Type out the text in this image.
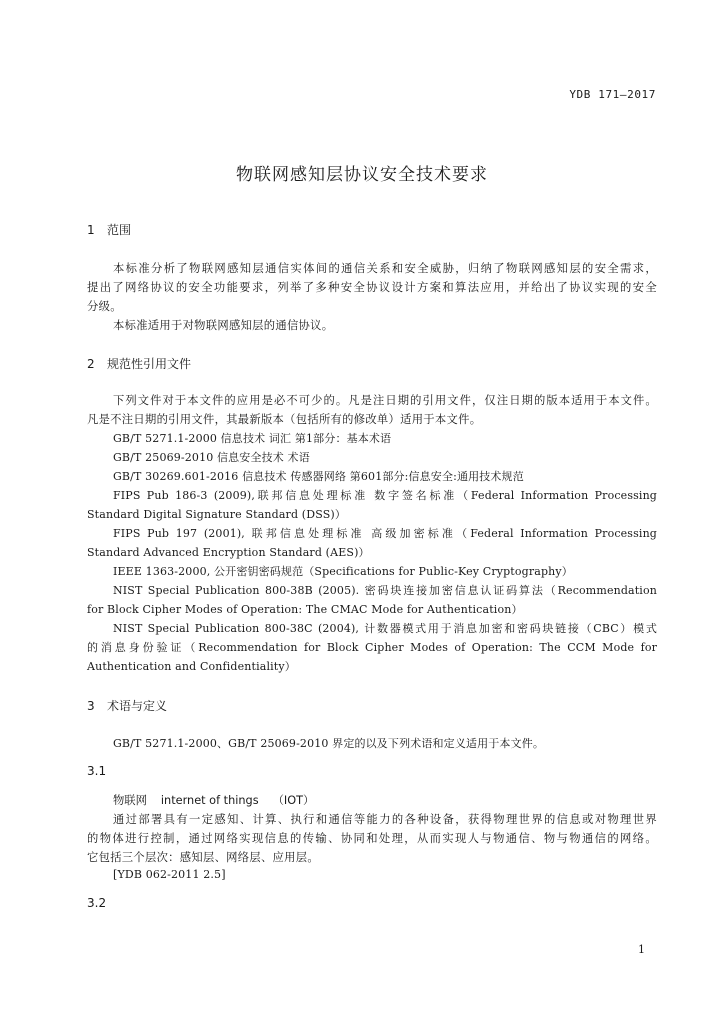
YDB 171—2017
物联网感知层协议安全技术要求
1 范围
本标准分析了物联网感知层通信实体间的通信关系和安全威胁，归纳了物联网感知层的安全需求，
提出了网络协议的安全功能要求，列举了多种安全协议设计方案和算法应用，并给出了协议实现的安全
分级。
本标准适用于对物联网感知层的通信协议。
2 规范性引用文件
下列文件对于本文件的应用是必不可少的。凡是注日期的引用文件，仅注日期的版本适用于本文件。
凡是不注日期的引用文件，其最新版本（包括所有的修改单）适用于本文件。
GB/T 5271.1-2000 信息技术 词汇 第1部分：基本术语
GB/T 25069-2010 信息安全技术 术语
GB/T 30269.601-2016 信息技术 传感器网络 第601部分:信息安全:通用技术规范
FIPS Pub 186-3 (2009),联邦信息处理标准 数字签名标准（Federal Information Processing
Standard Digital Signature Standard (DSS)）
FIPS Pub 197 (2001), 联邦信息处理标准 高级加密标准（Federal Information Processing
Standard Advanced Encryption Standard (AES)）
IEEE 1363-2000, 公开密钥密码规范（Specifications for Public-Key Cryptography）
NIST Special Publication 800-38B (2005). 密码块连接加密信息认证码算法（Recommendation
for Block Cipher Modes of Operation: The CMAC Mode for Authentication）
NIST Special Publication 800-38C (2004), 计数器模式用于消息加密和密码块链接（CBC）模式
的消息身份验证（Recommendation for Block Cipher Modes of Operation: The CCM Mode for
Authentication and Confidentiality）
3 术语与定义
GB/T 5271.1-2000、GB/T 25069-2010 界定的以及下列术语和定义适用于本文件。
3.1
物联网 internet of things （IOT）
通过部署具有一定感知、计算、执行和通信等能力的各种设备，获得物理世界的信息或对物理世界
的物体进行控制，通过网络实现信息的传输、协同和处理，从而实现人与物通信、物与物通信的网络。
它包括三个层次：感知层、网络层、应用层。
[YDB 062-2011 2.5]
3.2
1
